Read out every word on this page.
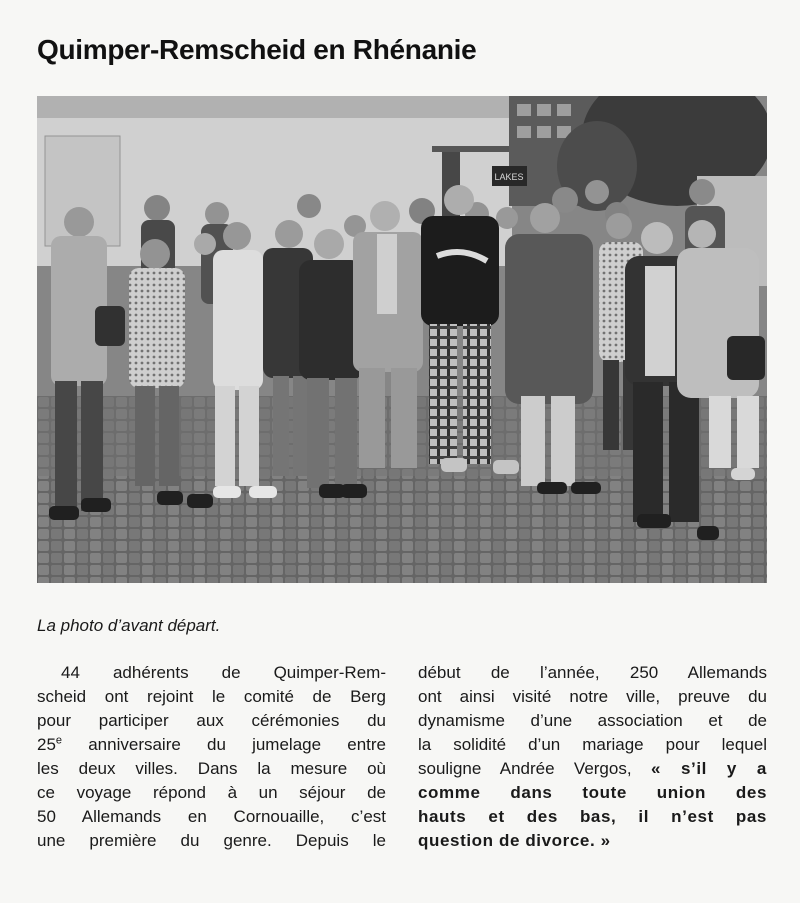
Quimper-Remscheid en Rhénanie
LAKES
La photo d’avant départ.
44 adhérents de Quimper-Rem-
scheid ont rejoint le comité de Berg
pour participer aux cérémonies du
25e anniversaire du jumelage entre
les deux villes. Dans la mesure où
ce voyage répond à un séjour de
50 Allemands en Cornouaille, c’est
une première du genre. Depuis le
début de l’année, 250 Allemands
ont ainsi visité notre ville, preuve du
dynamisme d’une association et de
la solidité d’un mariage pour lequel
souligne Andrée Vergos, « s’il y a
comme dans toute union des
hauts et des bas, il n’est pas
question de divorce. »
